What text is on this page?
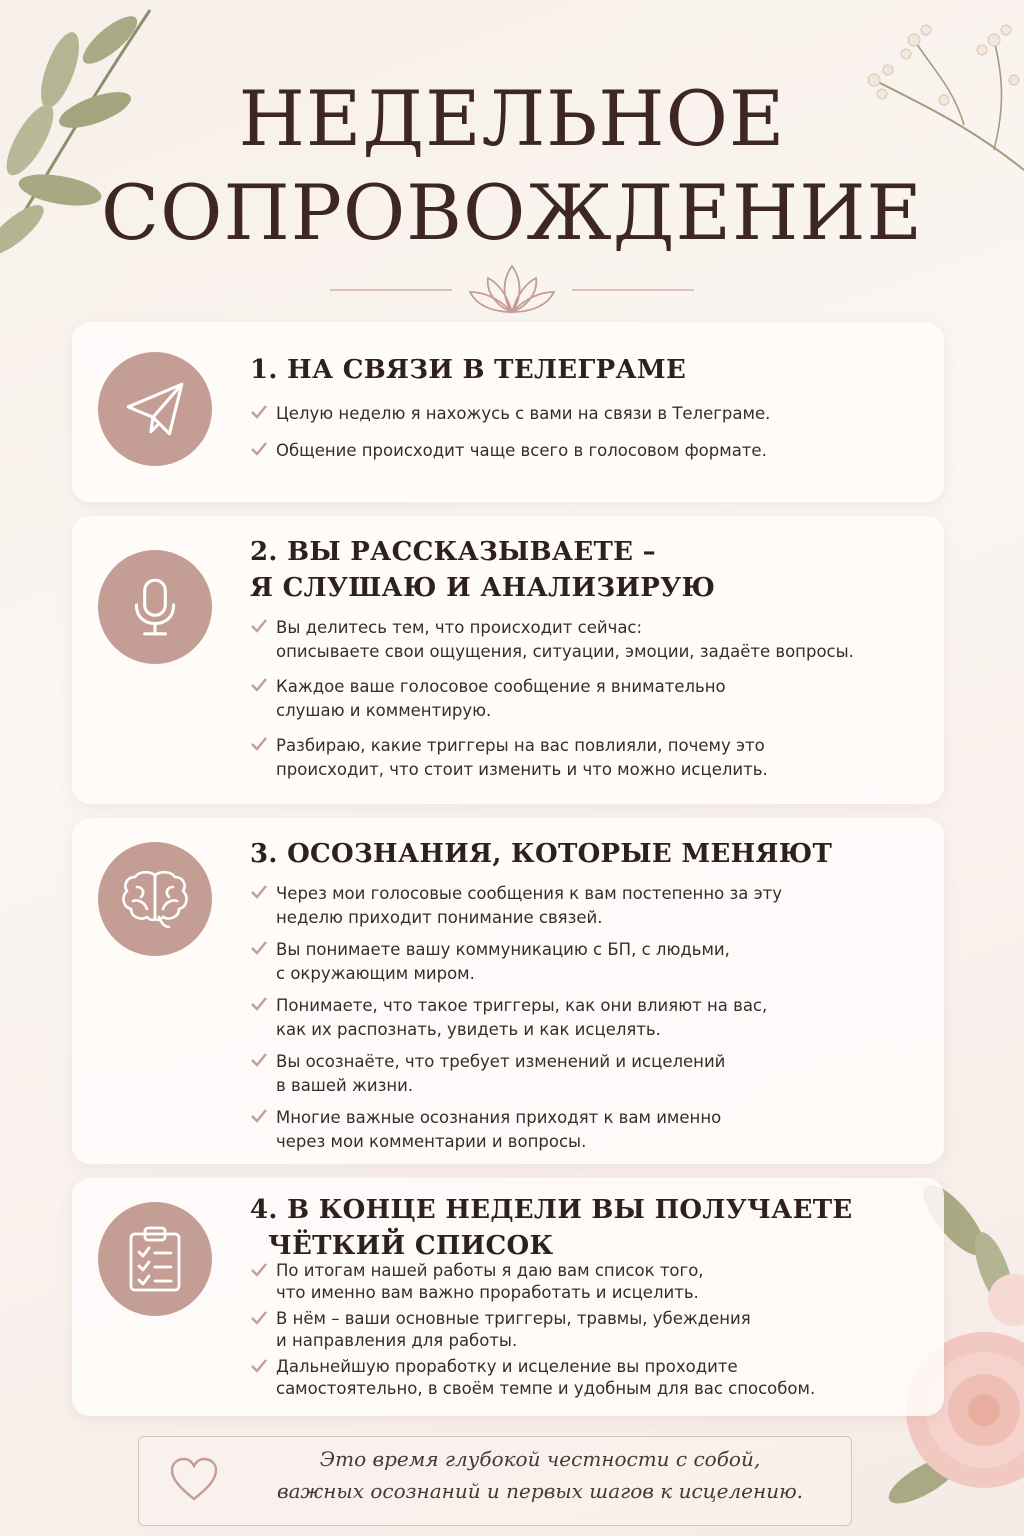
НЕДЕЛЬНОЕ
СОПРОВОЖДЕНИЕ
1. НА СВЯЗИ В ТЕЛЕГРАМЕ
Целую неделю я нахожусь с вами на связи в Телеграме.
Общение происходит чаще всего в голосовом формате.
2. ВЫ РАССКАЗЫВАЕТЕ –
Я СЛУШАЮ И АНАЛИЗИРУЮ
Вы делитесь тем, что происходит сейчас:
описываете свои ощущения, ситуации, эмоции, задаёте вопросы.
Каждое ваше голосовое сообщение я внимательно
слушаю и комментирую.
Разбираю, какие триггеры на вас повлияли, почему это
происходит, что стоит изменить и что можно исцелить.
3. ОСОЗНАНИЯ, КОТОРЫЕ МЕНЯЮТ
Через мои голосовые сообщения к вам постепенно за эту
неделю приходит понимание связей.
Вы понимаете вашу коммуникацию с БП, с людьми,
с окружающим миром.
Понимаете, что такое триггеры, как они влияют на вас,
как их распознать, увидеть и как исцелять.
Вы осознаёте, что требует изменений и исцелений
в вашей жизни.
Многие важные осознания приходят к вам именно
через мои комментарии и вопросы.
4. В КОНЦЕ НЕДЕЛИ ВЫ ПОЛУЧАЕТЕ
ЧЁТКИЙ СПИСОК
По итогам нашей работы я даю вам список того,
что именно вам важно проработать и исцелить.
В нём – ваши основные триггеры, травмы, убеждения
и направления для работы.
Дальнейшую проработку и исцеление вы проходите
самостоятельно, в своём темпе и удобным для вас способом.

Это время глубокой честности с собой,

важных осознаний и первых шагов к исцелению.
